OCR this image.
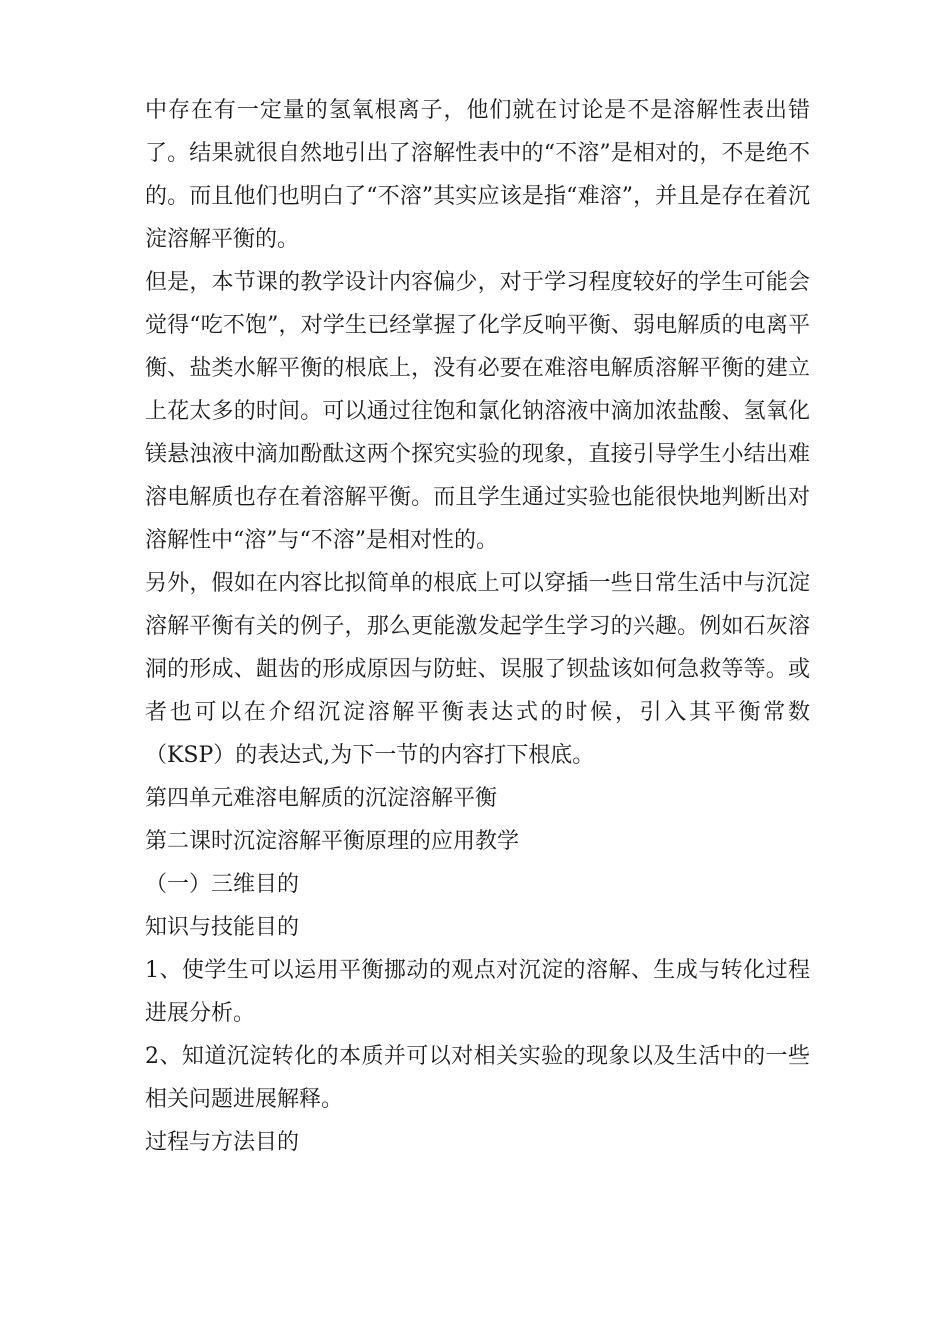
中存在有一定量的氢氧根离子，他们就在讨论是不是溶解性表出错了。结果就很自然地引出了溶解性表中的“不溶”是相对的，不是绝不的。而且他们也明白了“不溶”其实应该是指“难溶”，并且是存在着沉淀溶解平衡的。

但是，本节课的教学设计内容偏少，对于学习程度较好的学生可能会觉得“吃不饱”，对学生已经掌握了化学反响平衡、弱电解质的电离平衡、盐类水解平衡的根底上，没有必要在难溶电解质溶解平衡的建立上花太多的时间。可以通过往饱和氯化钠溶液中滴加浓盐酸、氢氧化镁悬浊液中滴加酚酞这两个探究实验的现象，直接引导学生小结出难溶电解质也存在着溶解平衡。而且学生通过实验也能很快地判断出对溶解性中“溶”与“不溶”是相对性的。

另外，假如在内容比拟简单的根底上可以穿插一些日常生活中与沉淀溶解平衡有关的例子，那么更能激发起学生学习的兴趣。例如石灰溶洞的形成、龃齿的形成原因与防蛀、误服了钡盐该如何急救等等。或者也可以在介绍沉淀溶解平衡表达式的时候，引入其平衡常数（KSP）的表达式,为下一节的内容打下根底。

第四单元难溶电解质的沉淀溶解平衡

第二课时沉淀溶解平衡原理的应用教学

（一）三维目的

知识与技能目的

1、使学生可以运用平衡挪动的观点对沉淀的溶解、生成与转化过程进展分析。

2、知道沉淀转化的本质并可以对相关实验的现象以及生活中的一些相关问题进展解释。

过程与方法目的
